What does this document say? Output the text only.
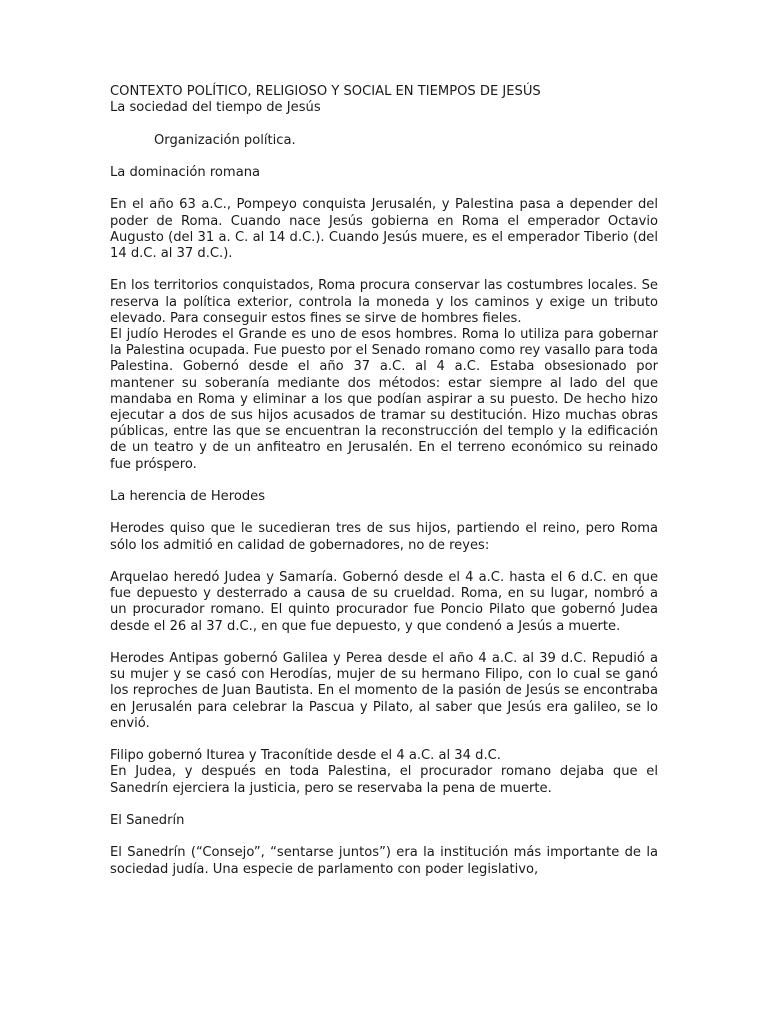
CONTEXTO POLÍTICO, RELIGIOSO Y SOCIAL EN TIEMPOS DE JESÚS
La sociedad del tiempo de Jesús
Organización política.
La dominación romana

En el año 63 a.C., Pompeyo conquista Jerusalén, y Palestina pasa a depender del poder de Roma. Cuando nace Jesús gobierna en Roma el emperador Octavio Augusto (del 31 a. C. al 14 d.C.). Cuando Jesús muere, es el emperador Tiberio (del 14 d.C. al 37 d.C.).

En los territorios conquistados, Roma procura conservar las costumbres locales. Se reserva la política exterior, controla la moneda y los caminos y exige un tributo elevado. Para conseguir estos fines se sirve de hombres fieles.

El judío Herodes el Grande es uno de esos hombres. Roma lo utiliza para gobernar la Palestina ocupada. Fue puesto por el Senado romano como rey vasallo para toda Palestina. Gobernó desde el año 37 a.C. al 4 a.C. Estaba obsesionado por mantener su soberanía mediante dos métodos: estar siempre al lado del que mandaba en Roma y eliminar a los que podían aspirar a su puesto. De hecho hizo ejecutar a dos de sus hijos acusados de tramar su destitución. Hizo muchas obras públicas, entre las que se encuentran la reconstrucción del templo y la edificación de un teatro y de un anfiteatro en Jerusalén. En el terreno económico su reinado fue próspero.

La herencia de Herodes

Herodes quiso que le sucedieran tres de sus hijos, partiendo el reino, pero Roma sólo los admitió en calidad de gobernadores, no de reyes:

Arquelao heredó Judea y Samaría. Gobernó desde el 4 a.C. hasta el 6 d.C. en que fue depuesto y desterrado a causa de su crueldad. Roma, en su lugar, nombró a un procurador romano. El quinto procurador fue Poncio Pilato que gobernó Judea desde el 26 al 37 d.C., en que fue depuesto, y que condenó a Jesús a muerte.

Herodes Antipas gobernó Galilea y Perea desde el año 4 a.C. al 39 d.C. Repudió a su mujer y se casó con Herodías, mujer de su hermano Filipo, con lo cual se ganó los reproches de Juan Bautista. En el momento de la pasión de Jesús se encontraba en Jerusalén para celebrar la Pascua y Pilato, al saber que Jesús era galileo, se lo envió.

Filipo gobernó Iturea y Traconítide desde el 4 a.C. al 34 d.C.

En Judea, y después en toda Palestina, el procurador romano dejaba que el Sanedrín ejerciera la justicia, pero se reservaba la pena de muerte.

El Sanedrín

El Sanedrín (“Consejo”, “sentarse juntos”) era la institución más importante de la sociedad judía. Una especie de parlamento con poder legislativo,
